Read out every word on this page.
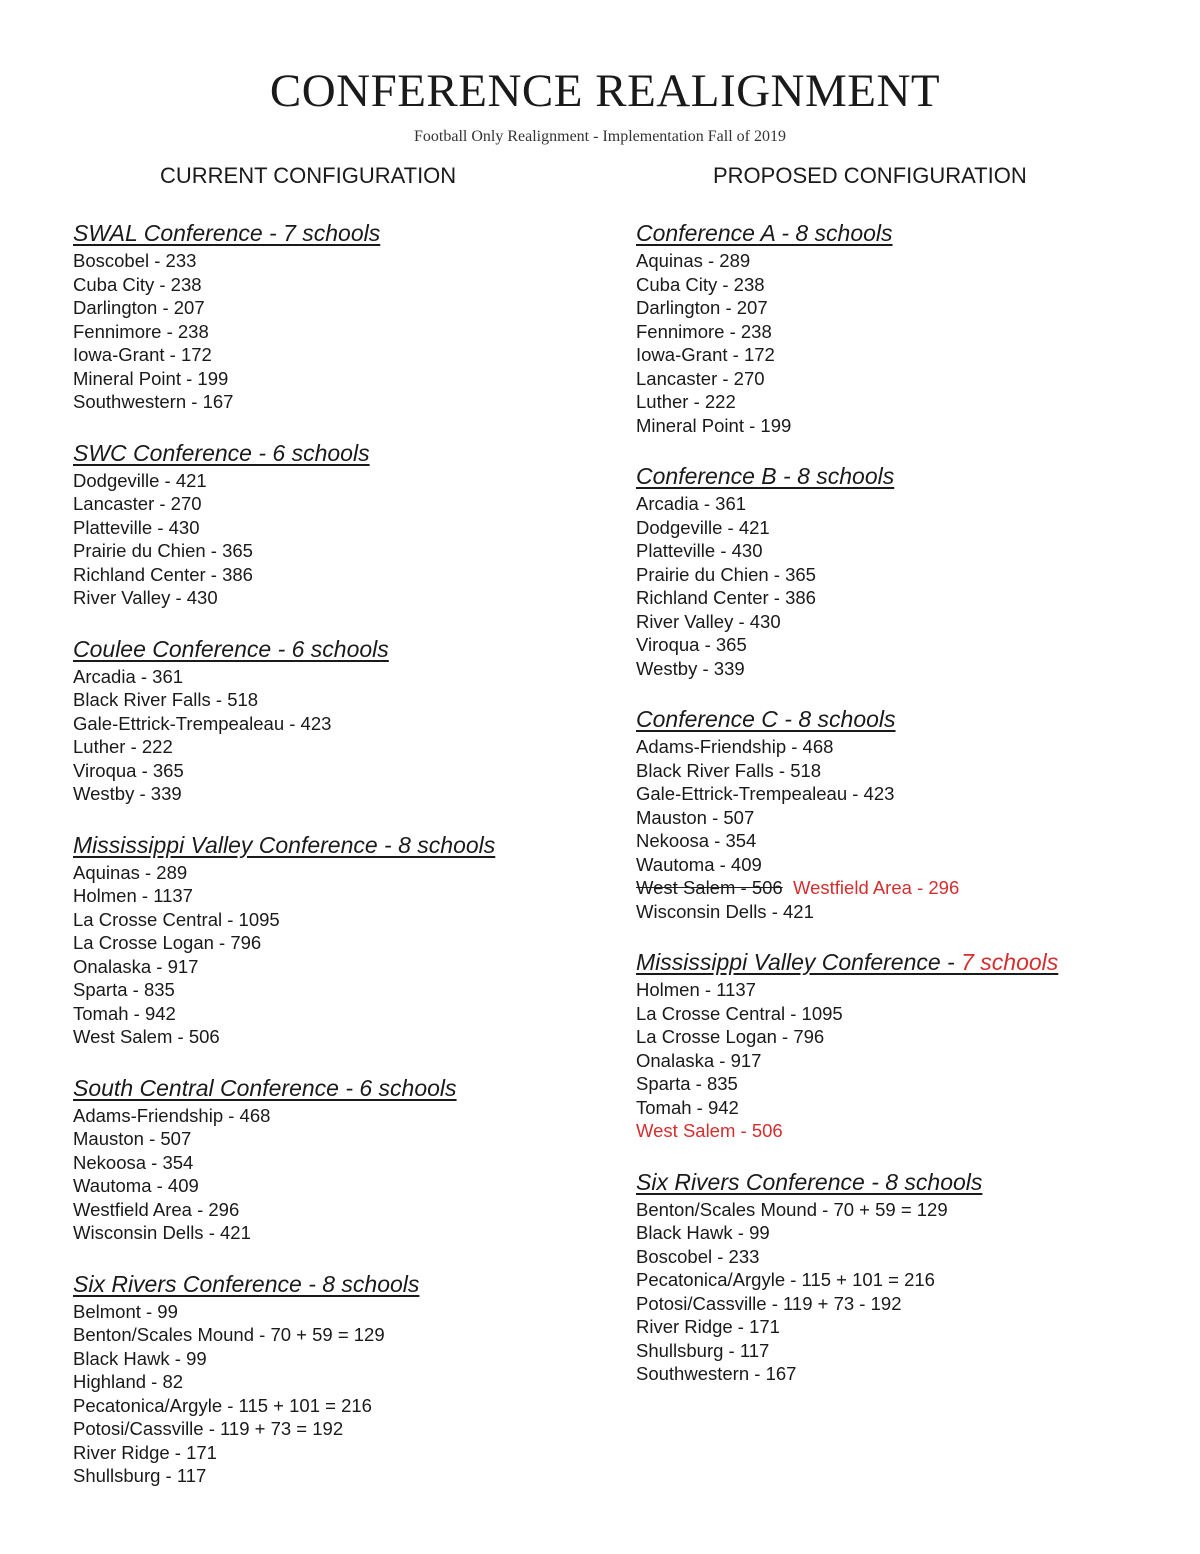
CONFERENCE REALIGNMENT
Football Only Realignment - Implementation Fall of 2019
CURRENT CONFIGURATION	PROPOSED CONFIGURATION
SWAL Conference - 7 schools
Boscobel - 233
Cuba City - 238
Darlington - 207
Fennimore - 238
Iowa-Grant - 172
Mineral Point - 199
Southwestern - 167
SWC Conference - 6 schools
Dodgeville - 421
Lancaster - 270
Platteville - 430
Prairie du Chien - 365
Richland Center - 386
River Valley - 430
Coulee Conference - 6 schools
Arcadia - 361
Black River Falls - 518
Gale-Ettrick-Trempealeau - 423
Luther - 222
Viroqua - 365
Westby - 339
Mississippi Valley Conference - 8 schools
Aquinas - 289
Holmen - 1137
La Crosse Central - 1095
La Crosse Logan - 796
Onalaska - 917
Sparta - 835
Tomah - 942
West Salem - 506
South Central Conference - 6 schools
Adams-Friendship - 468
Mauston - 507
Nekoosa - 354
Wautoma - 409
Westfield Area - 296
Wisconsin Dells - 421
Six Rivers Conference - 8 schools
Belmont - 99
Benton/Scales Mound - 70 + 59 = 129
Black Hawk - 99
Highland - 82
Pecatonica/Argyle - 115 + 101 = 216
Potosi/Cassville - 119 + 73 = 192
River Ridge - 171
Shullsburg - 117
Conference A - 8 schools
Aquinas - 289
Cuba City - 238
Darlington - 207
Fennimore - 238
Iowa-Grant - 172
Lancaster - 270
Luther - 222
Mineral Point - 199
Conference B - 8 schools
Arcadia - 361
Dodgeville - 421
Platteville - 430
Prairie du Chien - 365
Richland Center - 386
River Valley - 430
Viroqua - 365
Westby - 339
Conference C - 8 schools
Adams-Friendship - 468
Black River Falls - 518
Gale-Ettrick-Trempealeau - 423
Mauston - 507
Nekoosa - 354
Wautoma - 409
West Salem - 506 Westfield Area - 296
Wisconsin Dells - 421
Mississippi Valley Conference - 7 schools
Holmen - 1137
La Crosse Central - 1095
La Crosse Logan - 796
Onalaska - 917
Sparta - 835
Tomah - 942
West Salem - 506
Six Rivers Conference - 8 schools
Benton/Scales Mound - 70 + 59 = 129
Black Hawk - 99
Boscobel - 233
Pecatonica/Argyle - 115 + 101 = 216
Potosi/Cassville - 119 + 73 - 192
River Ridge - 171
Shullsburg - 117
Southwestern - 167
